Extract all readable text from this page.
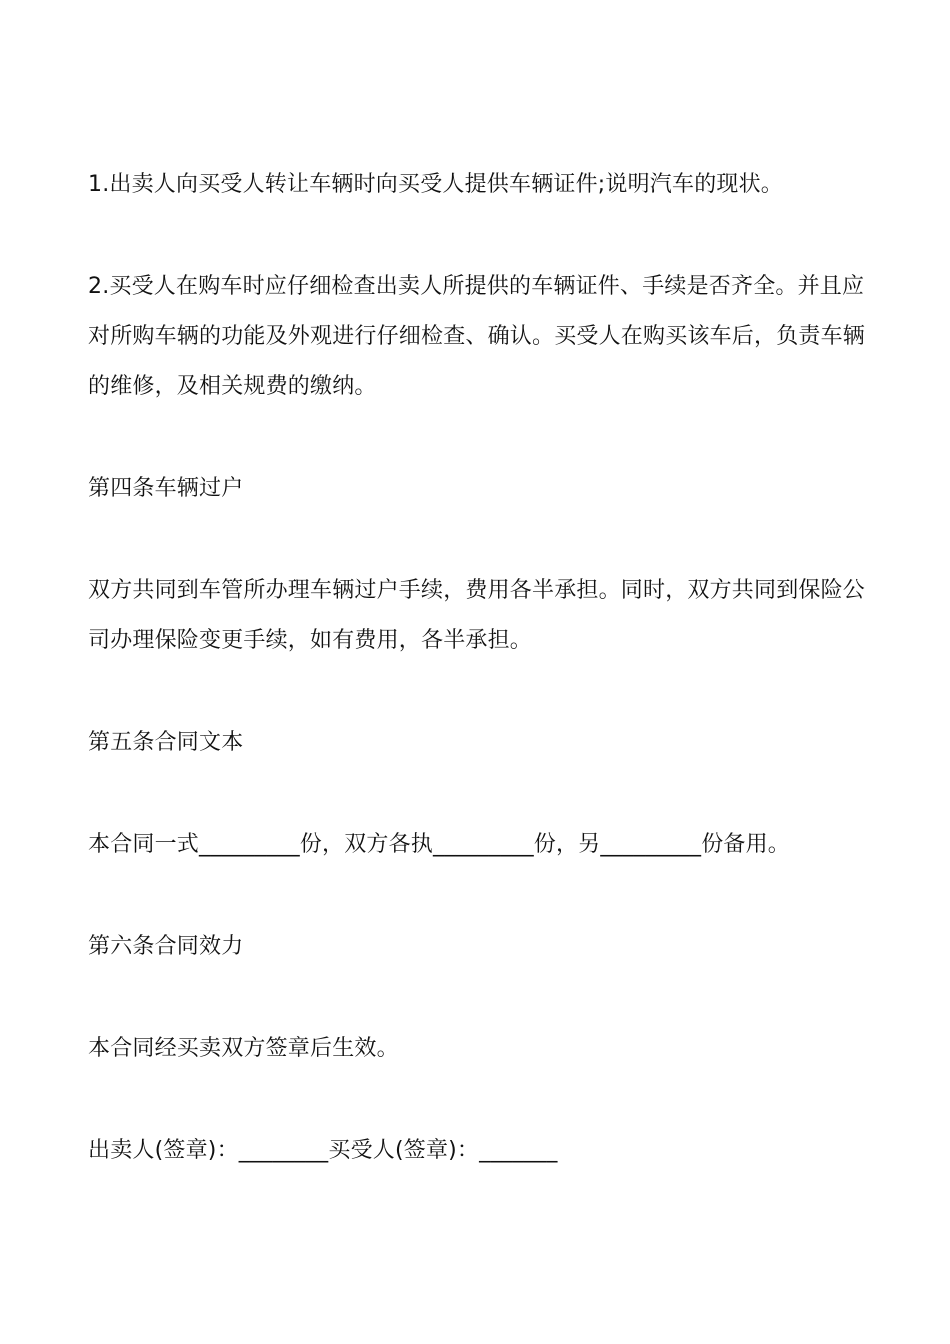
1.出卖人向买受人转让车辆时向买受人提供车辆证件;说明汽车的现状。

2.买受人在购车时应仔细检查出卖人所提供的车辆证件、手续是否齐全。并且应对所购车辆的功能及外观进行仔细检查、确认。买受人在购买该车后，负责车辆的维修，及相关规费的缴纳。

第四条车辆过户

双方共同到车管所办理车辆过户手续，费用各半承担。同时，双方共同到保险公司办理保险变更手续，如有费用，各半承担。

第五条合同文本

本合同一式_________份，双方各执_________份，另_________份备用。

第六条合同效力

本合同经买卖双方签章后生效。

出卖人(签章)：________买受人(签章)：_______
